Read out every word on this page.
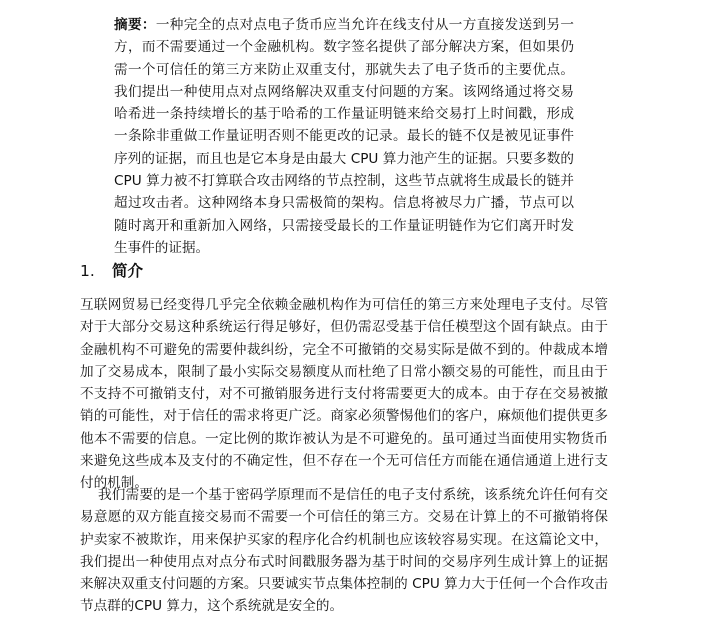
摘要：一种完全的点对点电子货币应当允许在线支付从一方直接发送到另一方，而不需要通过一个金融机构。数字签名提供了部分解决方案，但如果仍需一个可信任的第三方来防止双重支付，那就失去了电子货币的主要优点。我们提出一种使用点对点网络解决双重支付问题的方案。该网络通过将交易哈希进一条持续增长的基于哈希的工作量证明链来给交易打上时间戳，形成一条除非重做工作量证明否则不能更改的记录。最长的链不仅是被见证事件序列的证据，而且也是它本身是由最大 CPU 算力池产生的证据。只要多数的 CPU 算力被不打算联合攻击网络的节点控制，这些节点就将生成最长的链并超过攻击者。这种网络本身只需极简的架构。信息将被尽力广播，节点可以随时离开和重新加入网络，只需接受最长的工作量证明链作为它们离开时发生事件的证据。

1. 简介

互联网贸易已经变得几乎完全依赖金融机构作为可信任的第三方来处理电子支付。尽管对于大部分交易这种系统运行得足够好，但仍需忍受基于信任模型这个固有缺点。由于金融机构不可避免的需要仲裁纠纷，完全不可撤销的交易实际是做不到的。仲裁成本增加了交易成本，限制了最小实际交易额度从而杜绝了日常小额交易的可能性，而且由于不支持不可撤销支付，对不可撤销服务进行支付将需要更大的成本。由于存在交易被撤销的可能性，对于信任的需求将更广泛。商家必须警惕他们的客户，麻烦他们提供更多他本不需要的信息。一定比例的欺诈被认为是不可避免的。虽可通过当面使用实物货币来避免这些成本及支付的不确定性，但不存在一个无可信任方而能在通信通道上进行支付的机制。

我们需要的是一个基于密码学原理而不是信任的电子支付系统，该系统允许任何有交易意愿的双方能直接交易而不需要一个可信任的第三方。交易在计算上的不可撤销将保护卖家不被欺诈，用来保护买家的程序化合约机制也应该较容易实现。在这篇论文中，我们提出一种使用点对点分布式时间戳服务器为基于时间的交易序列生成计算上的证据来解决双重支付问题的方案。只要诚实节点集体控制的 CPU 算力大于任何一个合作攻击节点群的CPU 算力，这个系统就是安全的。
